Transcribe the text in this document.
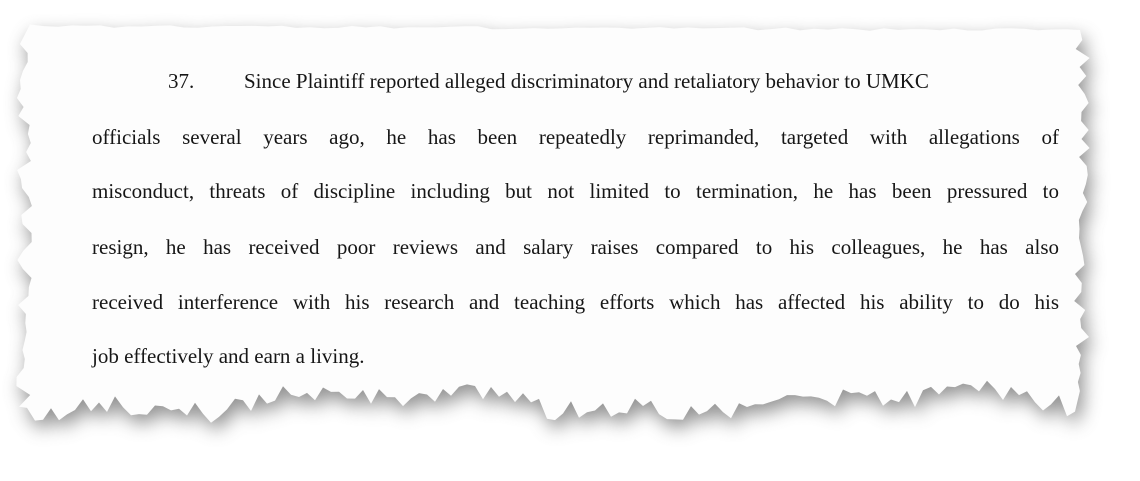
37. Since Plaintiff reported alleged discriminatory and retaliatory behavior to UMKC

officials several years ago, he has been repeatedly reprimanded, targeted with allegations of

misconduct, threats of discipline including but not limited to termination, he has been pressured to

resign, he has received poor reviews and salary raises compared to his colleagues, he has also

received interference with his research and teaching efforts which has affected his ability to do his

job effectively and earn a living.
